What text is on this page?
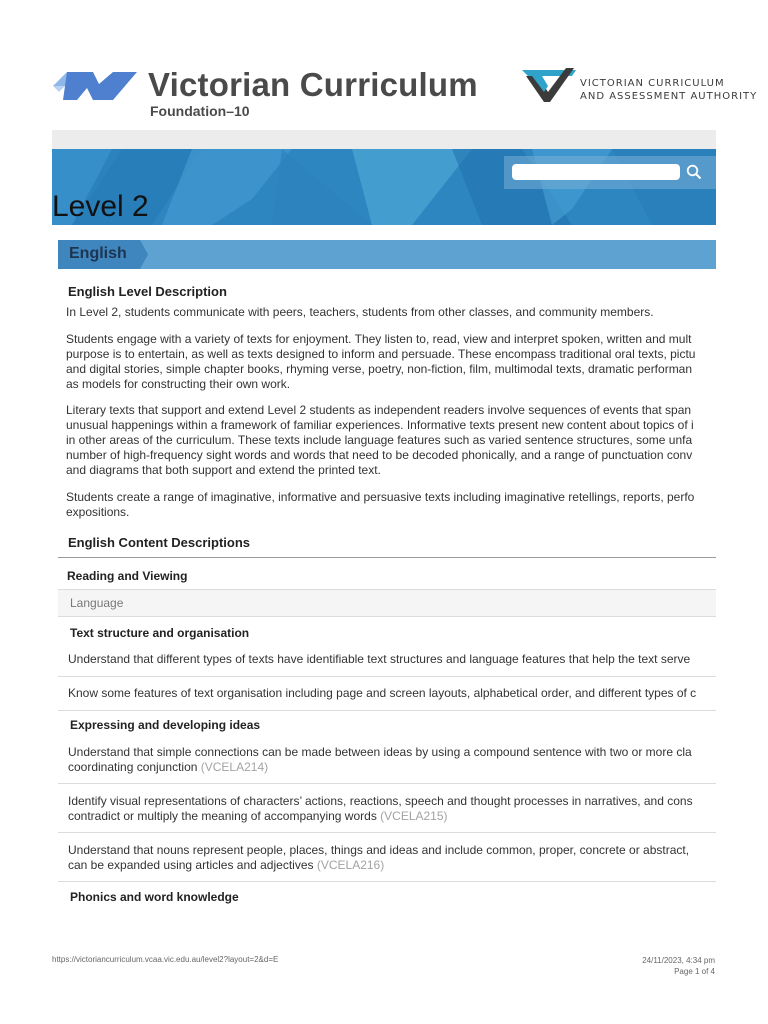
Victorian Curriculum
Foundation–10
VICTORIAN CURRICULUM
AND ASSESSMENT AUTHORITY
Level 2
English
English Level Description
In Level 2, students communicate with peers, teachers, students from other classes, and community members.
Students engage with a variety of texts for enjoyment. They listen to, read, view and interpret spoken, written and mult
purpose is to entertain, as well as texts designed to inform and persuade. These encompass traditional oral texts, pictu
and digital stories, simple chapter books, rhyming verse, poetry, non-fiction, film, multimodal texts, dramatic performan
as models for constructing their own work.
Literary texts that support and extend Level 2 students as independent readers involve sequences of events that span
unusual happenings within a framework of familiar experiences. Informative texts present new content about topics of i
in other areas of the curriculum. These texts include language features such as varied sentence structures, some unfa
number of high-frequency sight words and words that need to be decoded phonically, and a range of punctuation conv
and diagrams that both support and extend the printed text.
Students create a range of imaginative, informative and persuasive texts including imaginative retellings, reports, perfo
expositions.
English Content Descriptions
Reading and Viewing
Language
Text structure and organisation
Understand that different types of texts have identifiable text structures and language features that help the text serve
Know some features of text organisation including page and screen layouts, alphabetical order, and different types of c
Expressing and developing ideas
Understand that simple connections can be made between ideas by using a compound sentence with two or more cla
coordinating conjunction (VCELA214)
Identify visual representations of characters’ actions, reactions, speech and thought processes in narratives, and cons
contradict or multiply the meaning of accompanying words (VCELA215)
Understand that nouns represent people, places, things and ideas and include common, proper, concrete or abstract,
can be expanded using articles and adjectives (VCELA216)
Phonics and word knowledge
https://victoriancurriculum.vcaa.vic.edu.au/level2?layout=2&d=E	24/11/2023, 4:34 pm
Page 1 of 4
